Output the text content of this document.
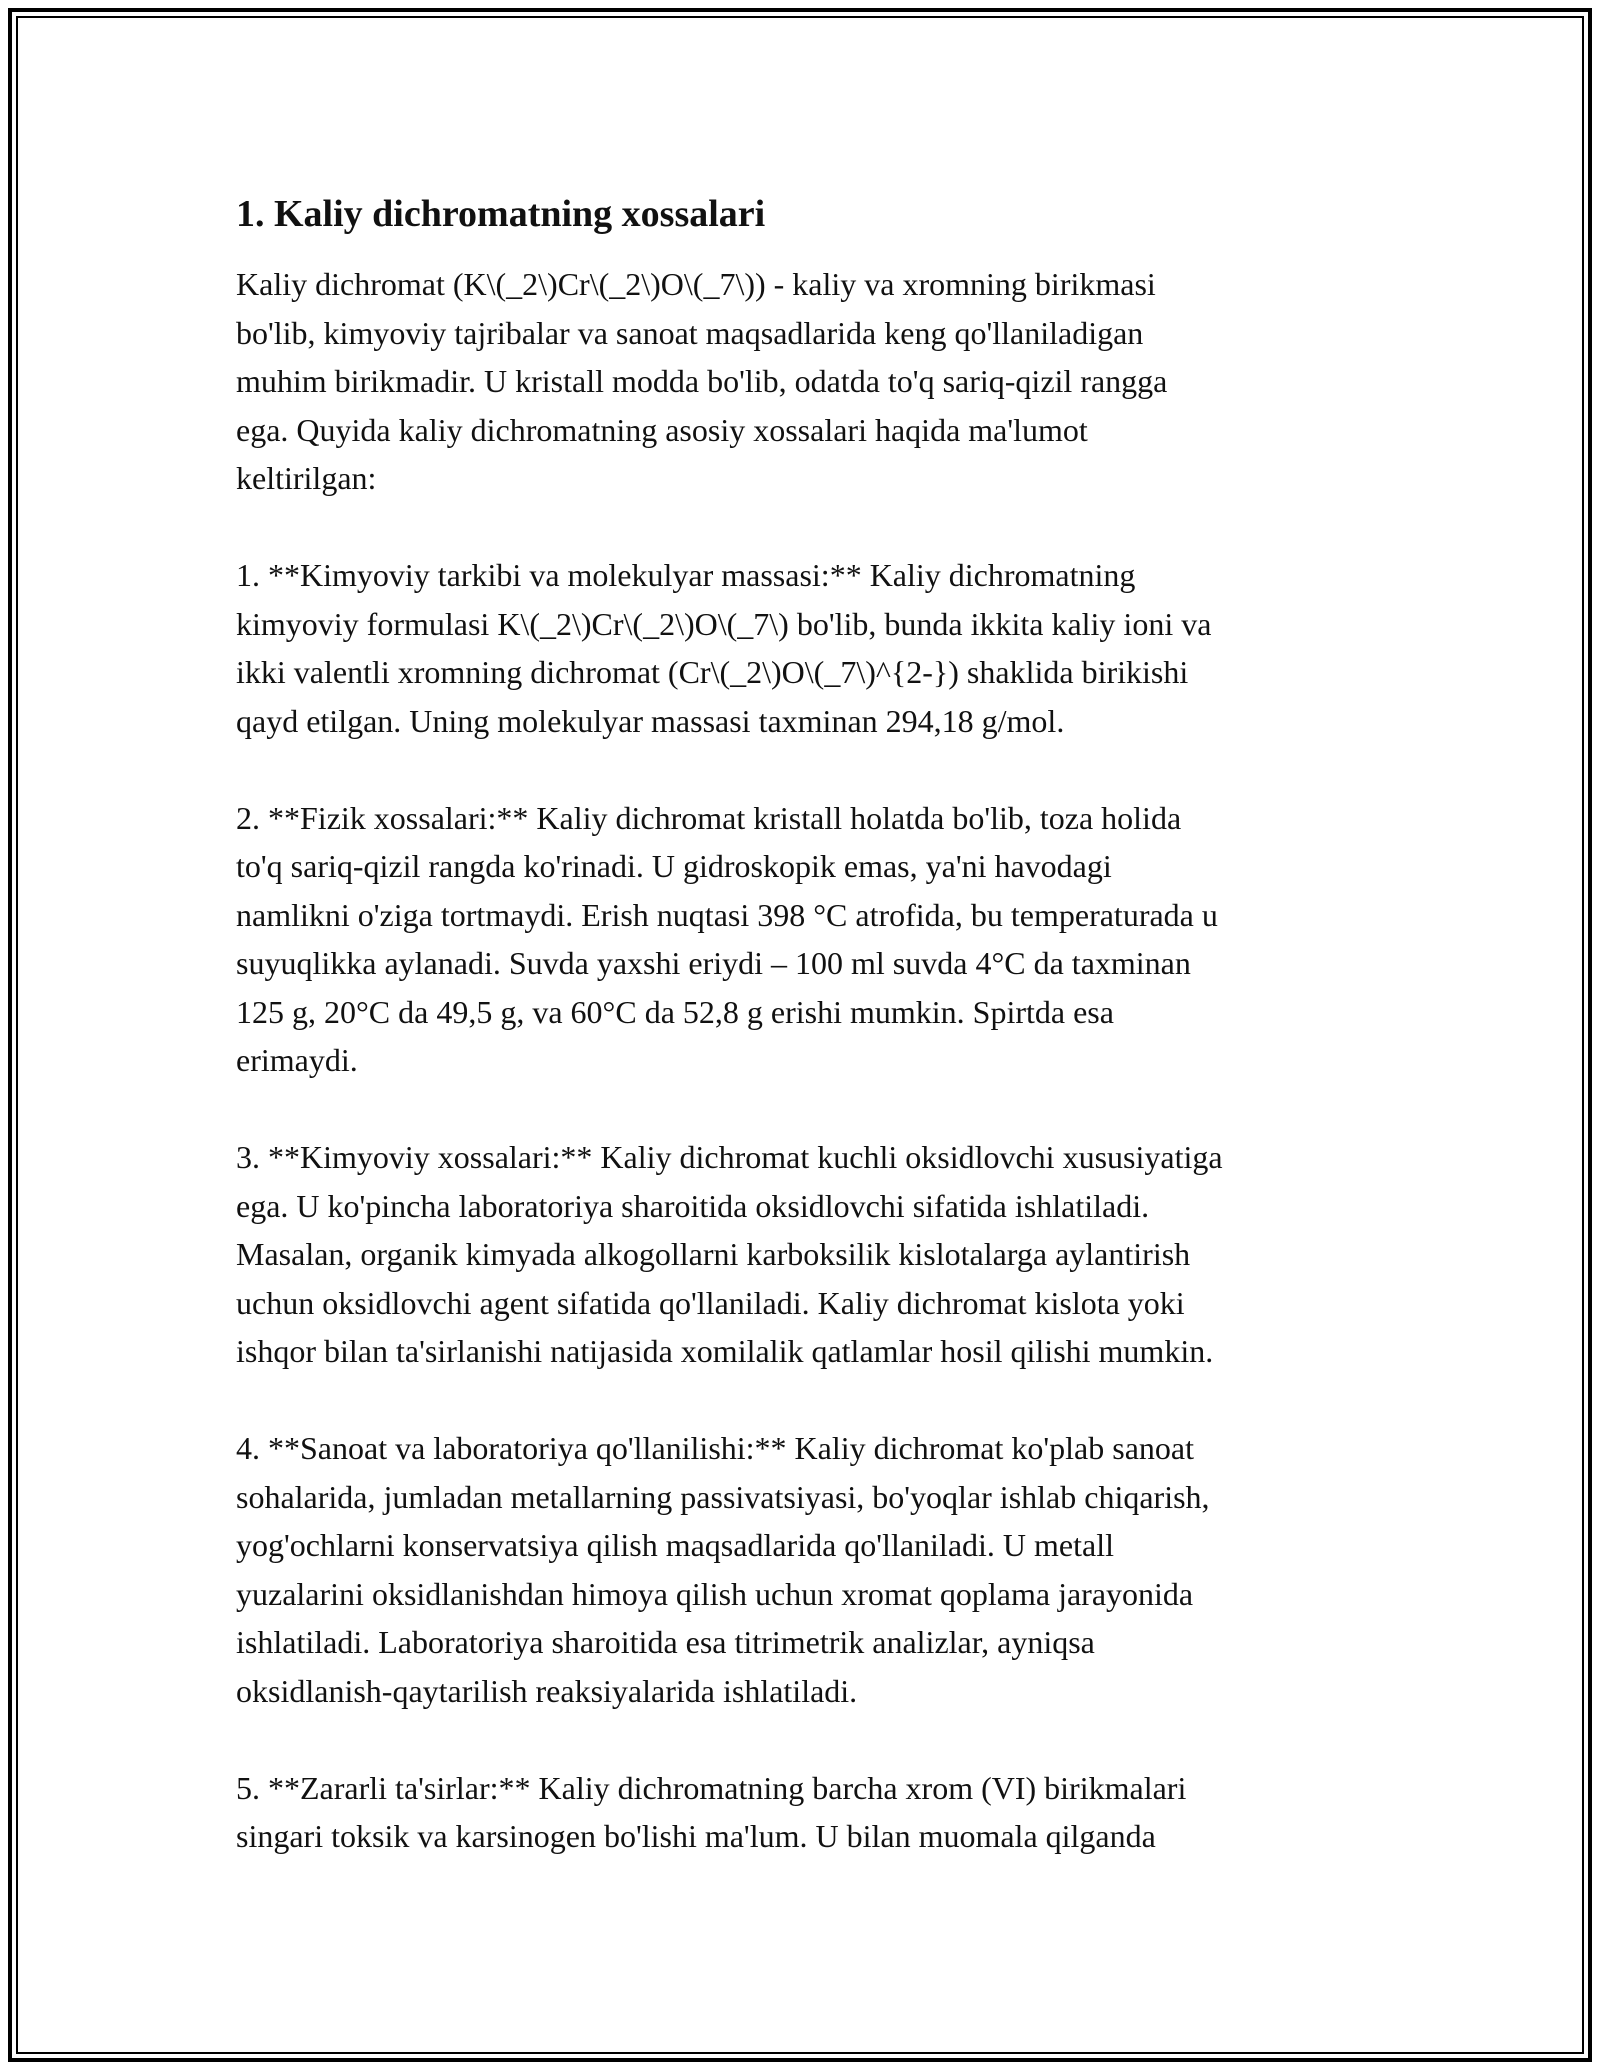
1. Kaliy dichromatning xossalari

Kaliy dichromat (K\(_2\)Cr\(_2\)O\(_7\)) - kaliy va xromning birikmasi
bo'lib, kimyoviy tajribalar va sanoat maqsadlarida keng qo'llaniladigan
muhim birikmadir. U kristall modda bo'lib, odatda to'q sariq-qizil rangga
ega. Quyida kaliy dichromatning asosiy xossalari haqida ma'lumot
keltirilgan:

1. **Kimyoviy tarkibi va molekulyar massasi:** Kaliy dichromatning
kimyoviy formulasi K\(_2\)Cr\(_2\)O\(_7\) bo'lib, bunda ikkita kaliy ioni va
ikki valentli xromning dichromat (Cr\(_2\)O\(_7\)^{2-}) shaklida birikishi
qayd etilgan. Uning molekulyar massasi taxminan 294,18 g/mol.

2. **Fizik xossalari:** Kaliy dichromat kristall holatda bo'lib, toza holida
to'q sariq-qizil rangda ko'rinadi. U gidroskopik emas, ya'ni havodagi
namlikni o'ziga tortmaydi. Erish nuqtasi 398 °C atrofida, bu temperaturada u
suyuqlikka aylanadi. Suvda yaxshi eriydi – 100 ml suvda 4°C da taxminan
125 g, 20°C da 49,5 g, va 60°C da 52,8 g erishi mumkin. Spirtda esa
erimaydi.

3. **Kimyoviy xossalari:** Kaliy dichromat kuchli oksidlovchi xususiyatiga
ega. U ko'pincha laboratoriya sharoitida oksidlovchi sifatida ishlatiladi.
Masalan, organik kimyada alkogollarni karboksilik kislotalarga aylantirish
uchun oksidlovchi agent sifatida qo'llaniladi. Kaliy dichromat kislota yoki
ishqor bilan ta'sirlanishi natijasida xomilalik qatlamlar hosil qilishi mumkin.

4. **Sanoat va laboratoriya qo'llanilishi:** Kaliy dichromat ko'plab sanoat
sohalarida, jumladan metallarning passivatsiyasi, bo'yoqlar ishlab chiqarish,
yog'ochlarni konservatsiya qilish maqsadlarida qo'llaniladi. U metall
yuzalarini oksidlanishdan himoya qilish uchun xromat qoplama jarayonida
ishlatiladi. Laboratoriya sharoitida esa titrimetrik analizlar, ayniqsa
oksidlanish-qaytarilish reaksiyalarida ishlatiladi.

5. **Zararli ta'sirlar:** Kaliy dichromatning barcha xrom (VI) birikmalari
singari toksik va karsinogen bo'lishi ma'lum. U bilan muomala qilganda
